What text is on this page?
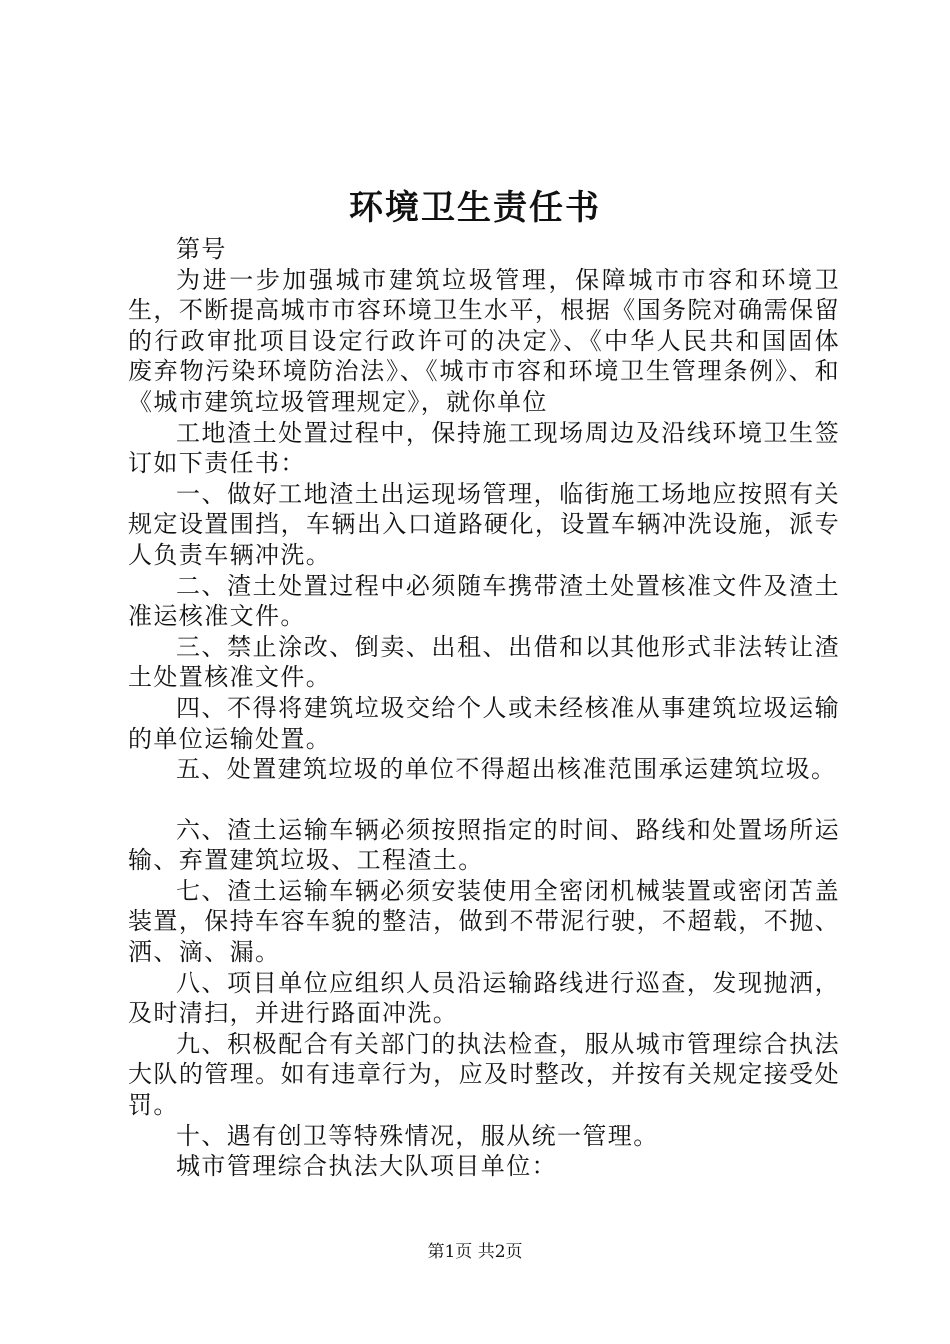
环境卫生责任书

第号

为进一步加强城市建筑垃圾管理，保障城市市容和环境卫生，不断提高城市市容环境卫生水平，根据《国务院对确需保留的行政审批项目设定行政许可的决定》、《中华人民共和国固体废弃物污染环境防治法》、《城市市容和环境卫生管理条例》、和《城市建筑垃圾管理规定》，就你单位

工地渣土处置过程中，保持施工现场周边及沿线环境卫生签订如下责任书：

一、做好工地渣土出运现场管理，临街施工场地应按照有关规定设置围挡，车辆出入口道路硬化，设置车辆冲洗设施，派专人负责车辆冲洗。

二、渣土处置过程中必须随车携带渣土处置核准文件及渣土准运核准文件。

三、禁止涂改、倒卖、出租、出借和以其他形式非法转让渣土处置核准文件。

四、不得将建筑垃圾交给个人或未经核准从事建筑垃圾运输的单位运输处置。

五、处置建筑垃圾的单位不得超出核准范围承运建筑垃圾。

六、渣土运输车辆必须按照指定的时间、路线和处置场所运输、弃置建筑垃圾、工程渣土。

七、渣土运输车辆必须安装使用全密闭机械装置或密闭苫盖装置，保持车容车貌的整洁，做到不带泥行驶，不超载，不抛、洒、滴、漏。

八、项目单位应组织人员沿运输路线进行巡查，发现抛洒，及时清扫，并进行路面冲洗。

九、积极配合有关部门的执法检查，服从城市管理综合执法大队的管理。如有违章行为，应及时整改，并按有关规定接受处罚。

十、遇有创卫等特殊情况，服从统一管理。

城市管理综合执法大队项目单位：

第1页 共2页
